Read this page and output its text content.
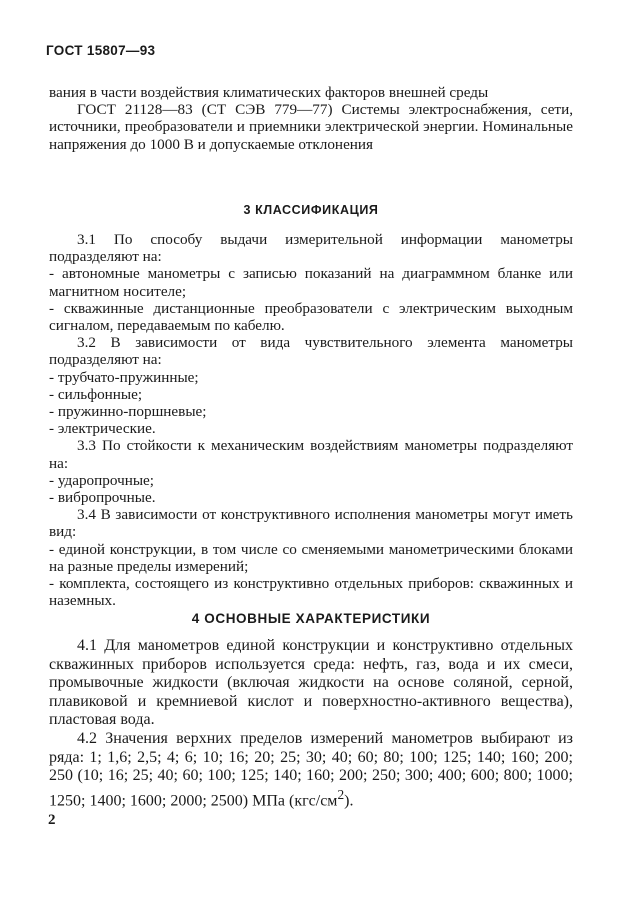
ГОСТ 15807—93

вания в части воздействия климатических факторов внешней среды

ГОСТ 21128—83 (СТ СЭВ 779—77) Системы электроснабжения, сети, источники, преобразователи и приемники электрической энергии. Номинальные напряжения до 1000 В и допускаемые отклонения

3 КЛАССИФИКАЦИЯ

3.1 По способу выдачи измерительной информации манометры подразделяют на:

- автономные манометры с записью показаний на диаграммном бланке или магнитном носителе;

- скважинные дистанционные преобразователи с электрическим выходным сигналом, передаваемым по кабелю.

3.2 В зависимости от вида чувствительного элемента манометры подразделяют на:

- трубчато-пружинные;

- сильфонные;

- пружинно-поршневые;

- электрические.

3.3 По стойкости к механическим воздействиям манометры подразделяют на:

- ударопрочные;

- вибропрочные.

3.4 В зависимости от конструктивного исполнения манометры могут иметь вид:

- единой конструкции, в том числе со сменяемыми манометрическими блоками на разные пределы измерений;

- комплекта, состоящего из конструктивно отдельных приборов: скважинных и наземных.

4 ОСНОВНЫЕ ХАРАКТЕРИСТИКИ

4.1 Для манометров единой конструкции и конструктивно отдельных скважинных приборов используется среда: нефть, газ, вода и их смеси, промывочные жидкости (включая жидкости на основе соляной, серной, плавиковой и кремниевой кислот и поверхностно-активного вещества), пластовая вода.

4.2 Значения верхних пределов измерений манометров выбирают из ряда: 1; 1,6; 2,5; 4; 6; 10; 16; 20; 25; 30; 40; 60; 80; 100; 125; 140; 160; 200; 250 (10; 16; 25; 40; 60; 100; 125; 140; 160; 200; 250; 300; 400; 600; 800; 1000; 1250; 1400; 1600; 2000; 2500) МПа $(кгс/см^2)$.

2
